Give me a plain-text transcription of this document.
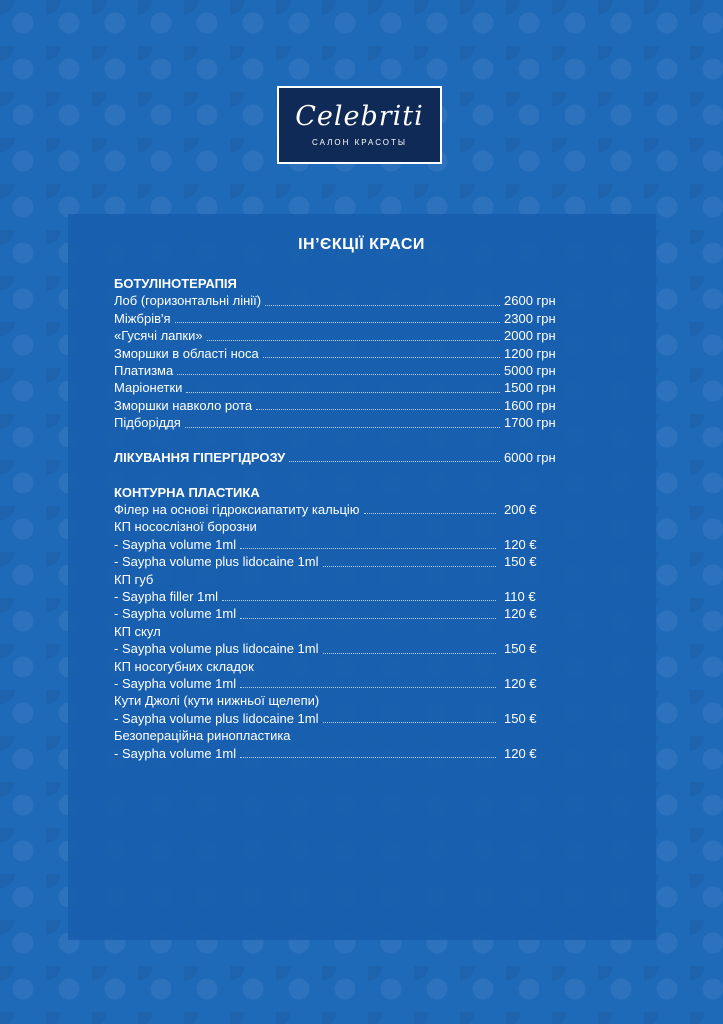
Celebriti
САЛОН КРАСОТЫ
ІН’ЄКЦІЇ КРАСИ
БОТУЛІНОТЕРАПІЯ
Лоб (горизонтальні лінії)	2600 грн
Міжбрів'я	2300 грн
«Гусячі лапки»	2000 грн
Зморшки в області носа	1200 грн
Платизма	5000 грн
Маріонетки	1500 грн
Зморшки навколо рота	1600 грн
Підборіддя	1700 грн
ЛІКУВАННЯ ГІПЕРГІДРОЗУ	6000 грн
КОНТУРНА ПЛАСТИКА
Філер на основі гідроксиапатиту кальцію	200 €
КП носослізної борозни
- Saypha volume 1ml	120 €
- Saypha volume plus lidocaine 1ml	150 €
КП губ
- Saypha filler 1ml	110 €
- Saypha volume 1ml	120 €
КП скул
- Saypha volume plus lidocaine 1ml	150 €
КП носогубних складок
- Saypha volume 1ml	120 €
Кути Джолі (кути нижньої щелепи)
- Saypha volume plus lidocaine 1ml	150 €
Безопераційна ринопластика
- Saypha volume 1ml	120 €
